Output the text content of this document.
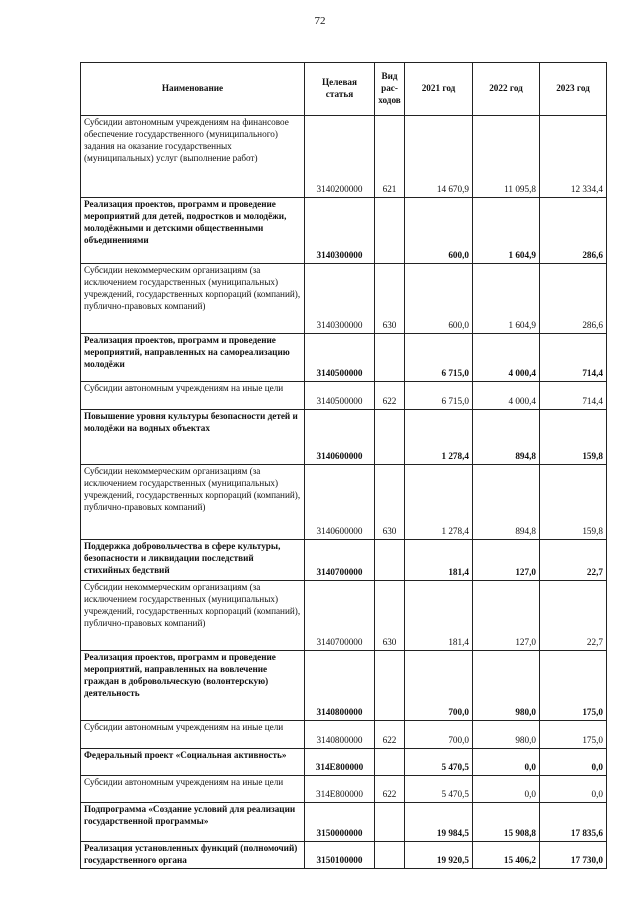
72
Наименование	Целевая статья	Вид рас-ходов	2021 год	2022 год	2023 год
Субсидии автономным учреждениям на финансовое обеспечение государственного (муниципального) задания на оказание государственных (муниципальных) услуг (выполнение работ)	3140200000	621	14 670,9	11 095,8	12 334,4
Реализация проектов, программ и проведение мероприятий для детей, подростков и молодёжи, молодёжными и детскими общественными объединениями	3140300000		600,0	1 604,9	286,6
Субсидии некоммерческим организациям (за исключением государственных (муниципальных) учреждений, государственных корпораций (компаний), публично-правовых компаний)	3140300000	630	600,0	1 604,9	286,6
Реализация проектов, программ и проведение мероприятий, направленных на самореализацию молодёжи	3140500000		6 715,0	4 000,4	714,4
Субсидии автономным учреждениям на иные цели	3140500000	622	6 715,0	4 000,4	714,4
Повышение уровня культуры безопасности детей и молодёжи на водных объектах	3140600000		1 278,4	894,8	159,8
Субсидии некоммерческим организациям (за исключением государственных (муниципальных) учреждений, государственных корпораций (компаний), публично-правовых компаний)	3140600000	630	1 278,4	894,8	159,8
Поддержка добровольчества в сфере культуры, безопасности и ликвидации последствий стихийных бедствий	3140700000		181,4	127,0	22,7
Субсидии некоммерческим организациям (за исключением государственных (муниципальных) учреждений, государственных корпораций (компаний), публично-правовых компаний)	3140700000	630	181,4	127,0	22,7
Реализация проектов, программ и проведение мероприятий, направленных на вовлечение граждан в добровольческую (волонтерскую) деятельность	3140800000		700,0	980,0	175,0
Субсидии автономным учреждениям на иные цели	3140800000	622	700,0	980,0	175,0
Федеральный проект «Социальная активность»	314E800000		5 470,5	0,0	0,0
Субсидии автономным учреждениям на иные цели	314E800000	622	5 470,5	0,0	0,0
Подпрограмма «Создание условий для реализации государственной программы»	3150000000		19 984,5	15 908,8	17 835,6
Реализация установленных функций (полномочий) государственного органа	3150100000		19 920,5	15 406,2	17 730,0
